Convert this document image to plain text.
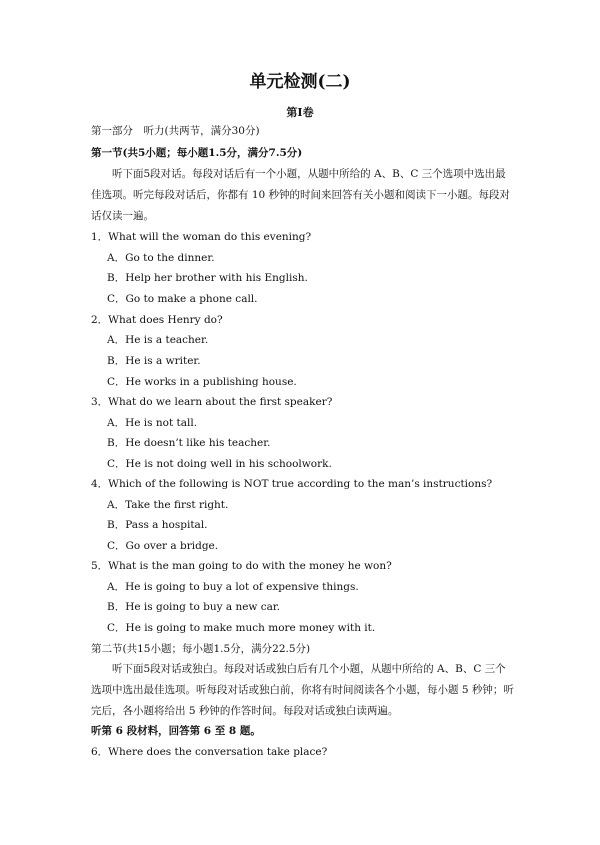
单元检测(二)
第Ⅰ卷
第一部分　听力(共两节，满分30分)
第一节(共5小题；每小题1.5分，满分7.5分)
听下面5段对话。每段对话后有一个小题，从题中所给的 A、B、C 三个选项中选出最
佳选项。听完每段对话后，你都有 10 秒钟的时间来回答有关小题和阅读下一小题。每段对
话仅读一遍。
1．What will the woman do this evening?
A．Go to the dinner.
B．Help her brother with his English.
C．Go to make a phone call.
2．What does Henry do?
A．He is a teacher.
B．He is a writer.
C．He works in a publishing house.
3．What do we learn about the first speaker?
A．He is not tall.
B．He doesn’t like his teacher.
C．He is not doing well in his schoolwork.
4．Which of the following is NOT true according to the man’s instructions?
A．Take the first right.
B．Pass a hospital.
C．Go over a bridge.
5．What is the man going to do with the money he won?
A．He is going to buy a lot of expensive things.
B．He is going to buy a new car.
C．He is going to make much more money with it.
第二节(共15小题；每小题1.5分，满分22.5分)
听下面5段对话或独白。每段对话或独白后有几个小题，从题中所给的 A、B、C 三个
选项中选出最佳选项。听每段对话或独白前，你将有时间阅读各个小题，每小题 5 秒钟；听
完后，各小题将给出 5 秒钟的作答时间。每段对话或独白读两遍。
听第 6 段材料，回答第 6 至 8 题。
6．Where does the conversation take place?
